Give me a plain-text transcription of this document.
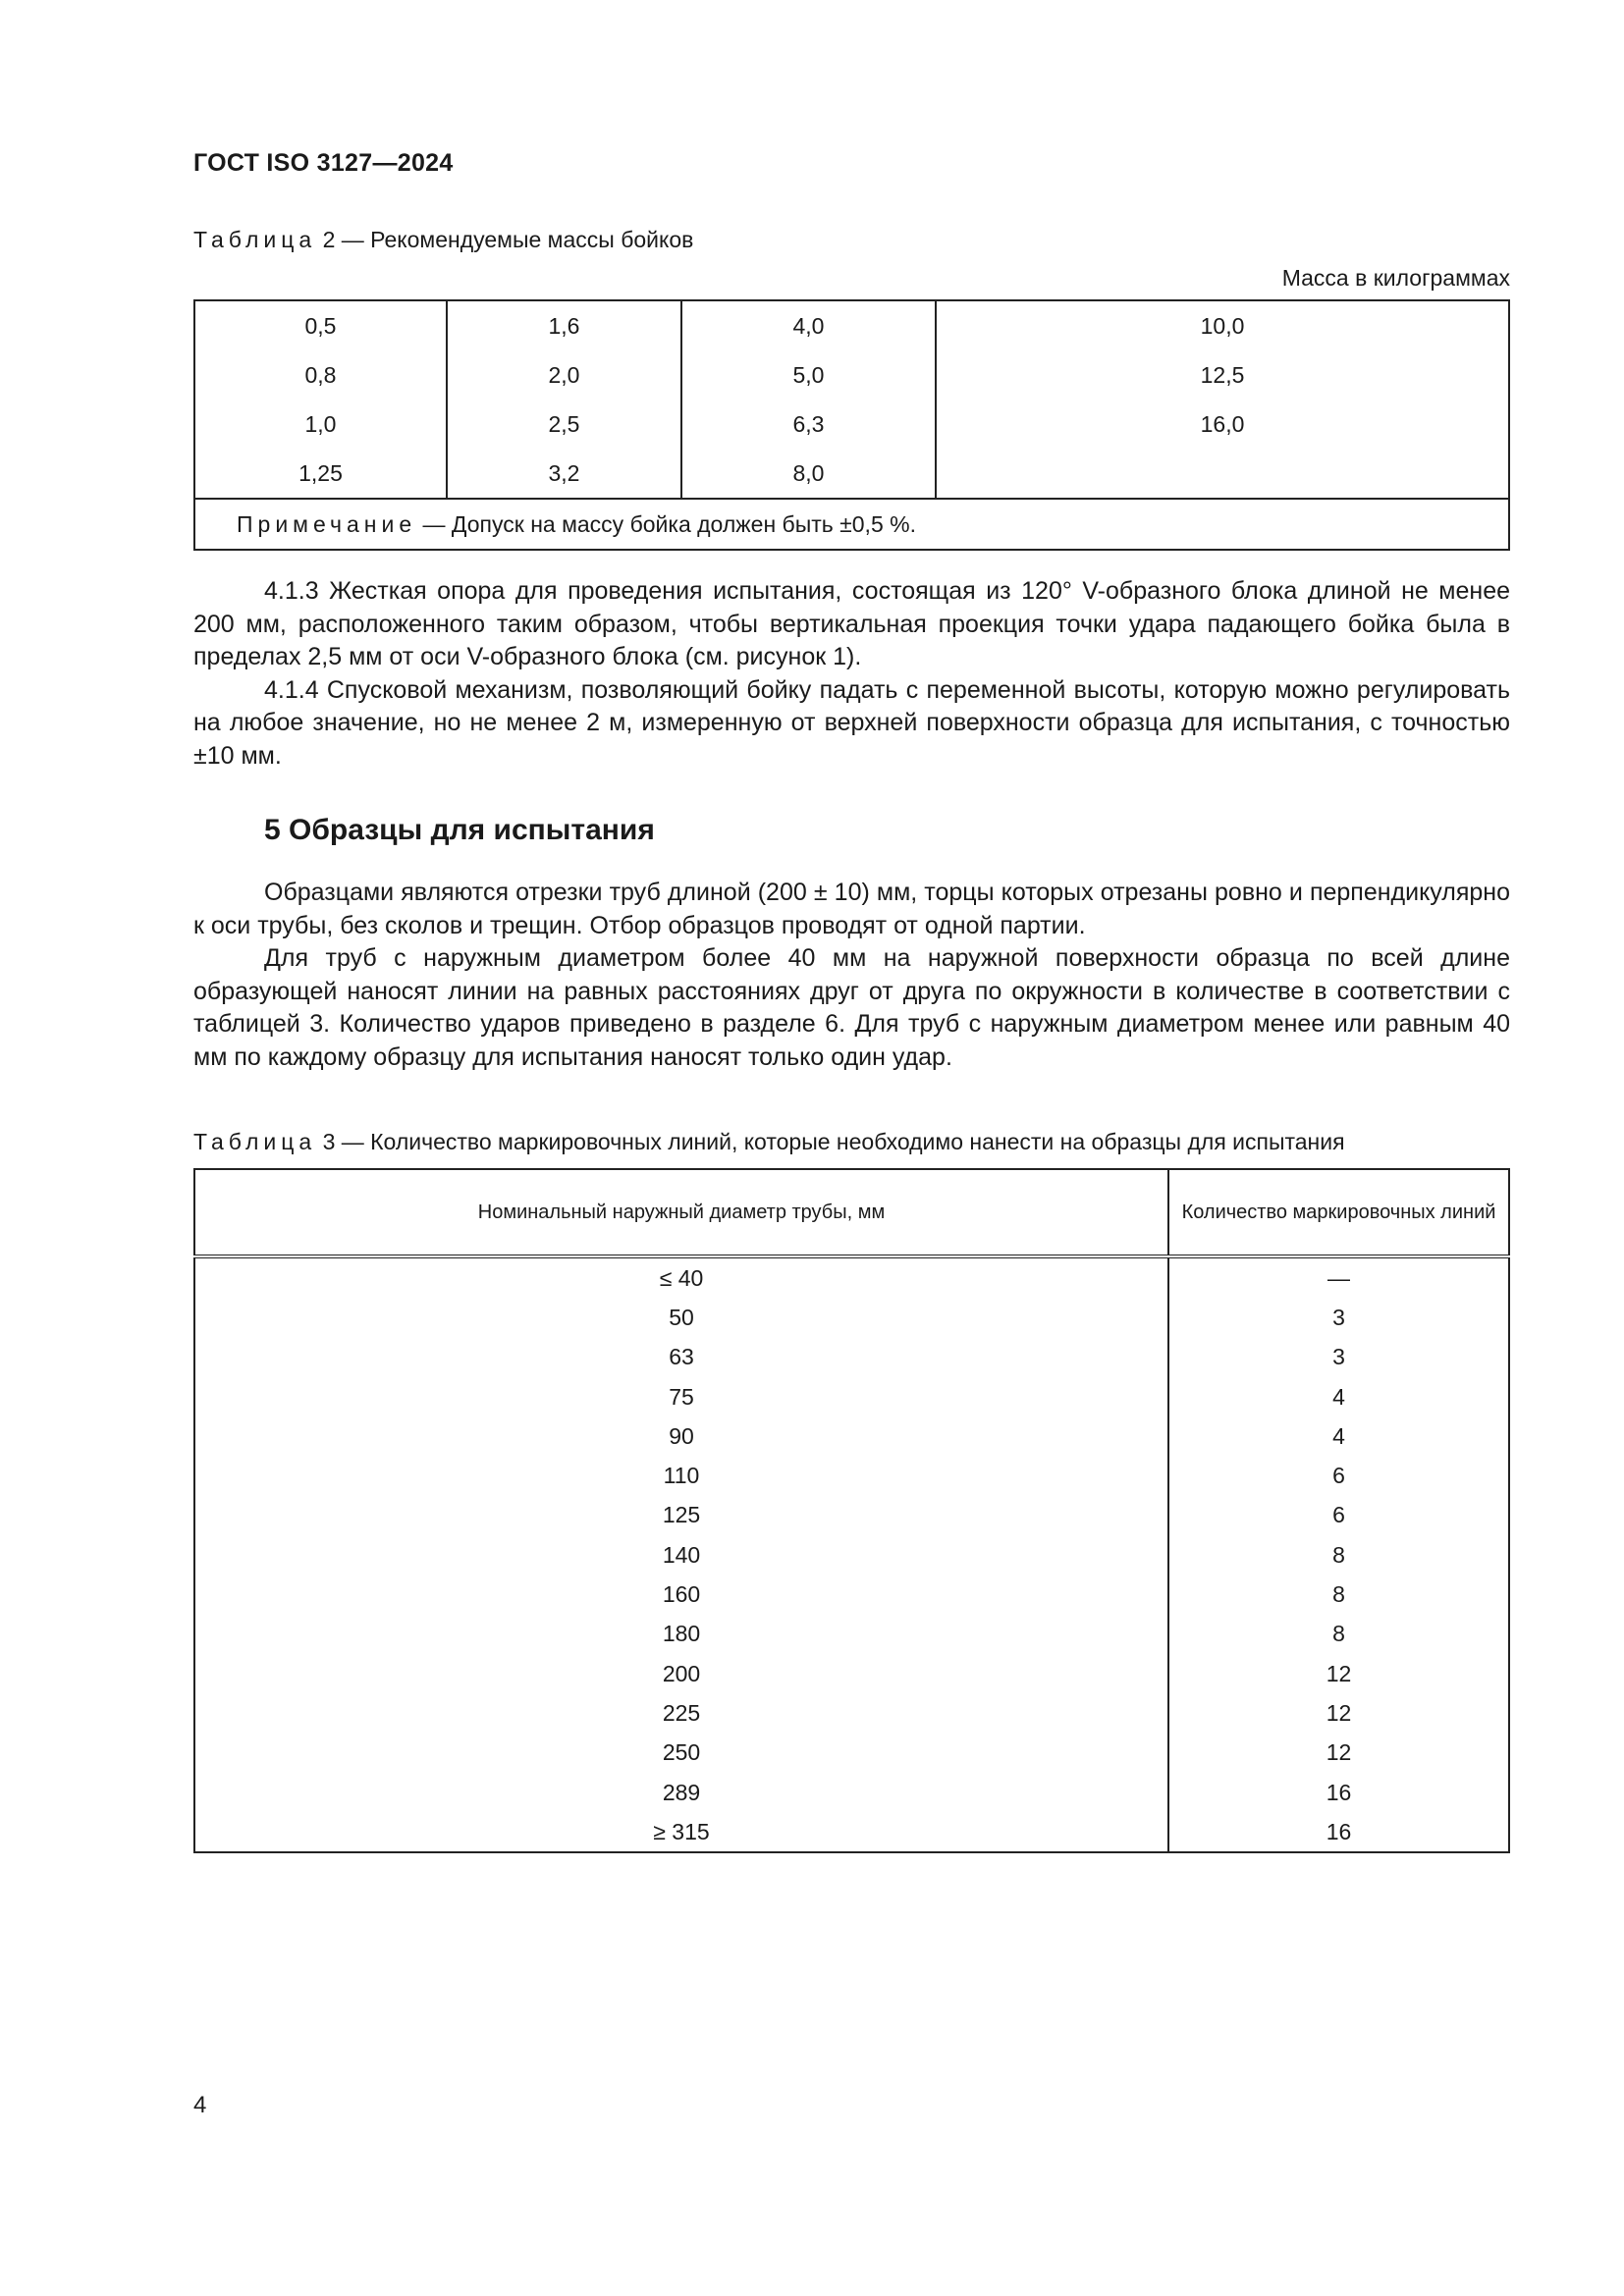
ГОСТ ISO 3127—2024
Таблица 2 — Рекомендуемые массы бойков
Масса в килограммах
0,5	1,6	4,0	10,0
0,8	2,0	5,0	12,5
1,0	2,5	6,3	16,0
1,25	3,2	8,0	
Примечание — Допуск на массу бойка должен быть ±0,5 %.			

4.1.3 Жесткая опора для проведения испытания, состоящая из 120° V-образного блока длиной не менее 200 мм, расположенного таким образом, чтобы вертикальная проекция точки удара падающего бойка была в пределах 2,5 мм от оси V-образного блока (см. рисунок 1).

4.1.4 Спусковой механизм, позволяющий бойку падать с переменной высоты, которую можно регулировать на любое значение, но не менее 2 м, измеренную от верхней поверхности образца для испытания, с точностью ±10 мм.

5 Образцы для испытания

Образцами являются отрезки труб длиной (200 ± 10) мм, торцы которых отрезаны ровно и перпендикулярно к оси трубы, без сколов и трещин. Отбор образцов проводят от одной партии.

Для труб с наружным диаметром более 40 мм на наружной поверхности образца по всей длине образующей наносят линии на равных расстояниях друг от друга по окружности в количестве в соответствии с таблицей 3. Количество ударов приведено в разделе 6. Для труб с наружным диаметром менее или равным 40 мм по каждому образцу для испытания наносят только один удар.

Таблица 3 — Количество маркировочных линий, которые необходимо нанести на образцы для испытания
Номинальный наружный диаметр трубы, мм	Количество маркировочных линий
≤ 40	—
50	3
63	3
75	4
90	4
110	6
125	6
140	8
160	8
180	8
200	12
225	12
250	12
289	16
≥ 315	16
4
